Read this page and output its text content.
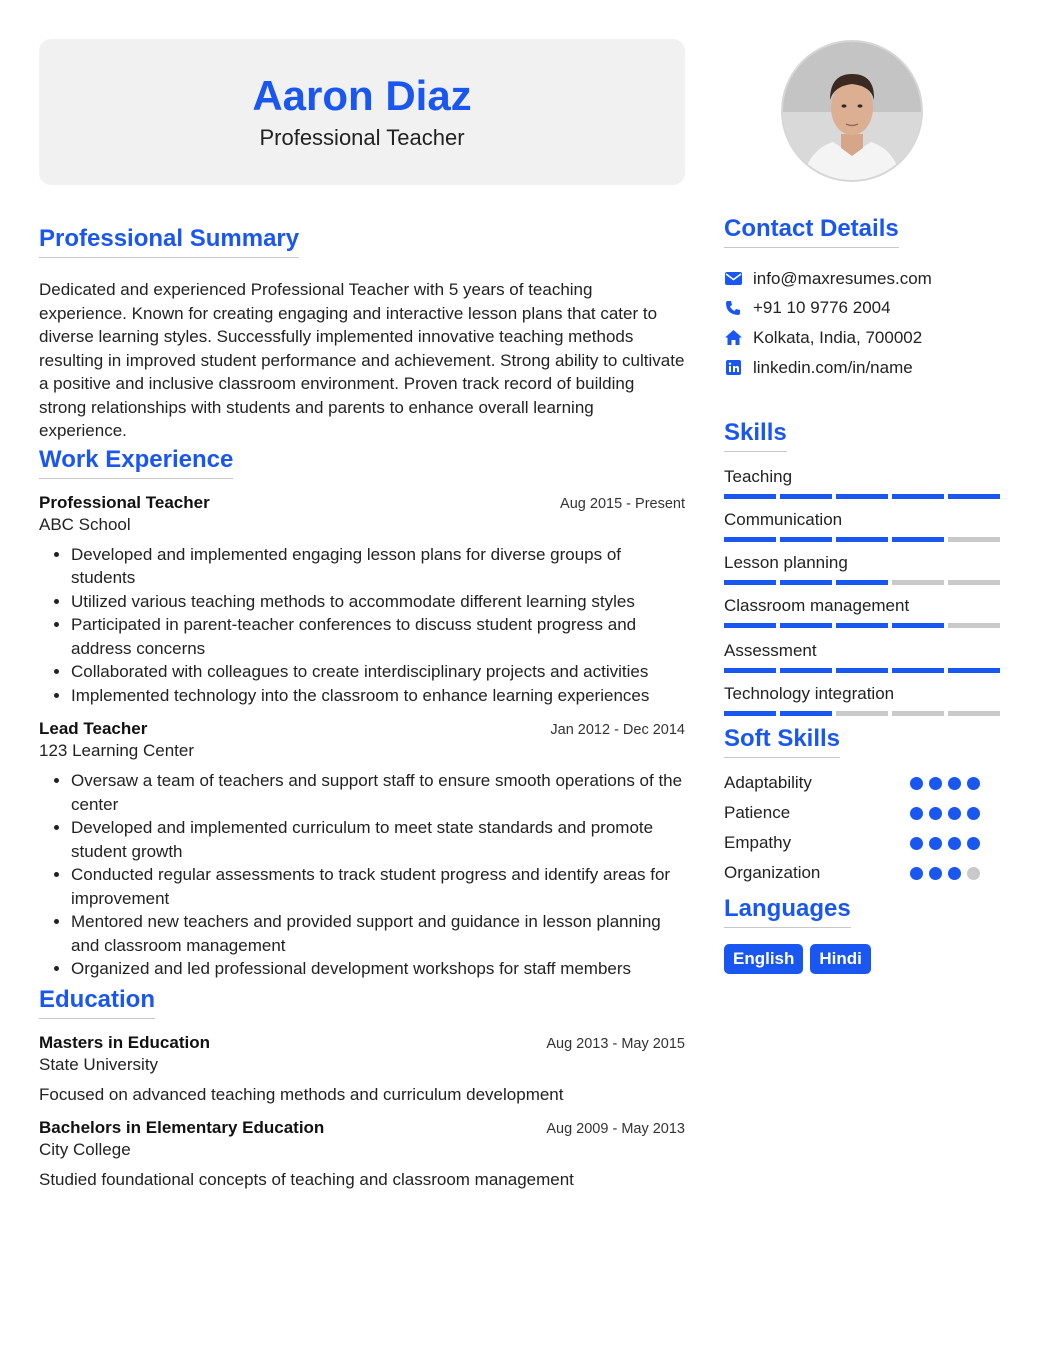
Aaron Diaz
Professional Teacher
Professional Summary

Dedicated and experienced Professional Teacher with 5 years of teaching experience. Known for creating engaging and interactive lesson plans that cater to diverse learning styles. Successfully implemented innovative teaching methods resulting in improved student performance and achievement. Strong ability to cultivate a positive and inclusive classroom environment. Proven track record of building strong relationships with students and parents to enhance overall learning experience.

Work Experience
Professional Teacher	Aug 2015 - Present
ABC School
• Developed and implemented engaging lesson plans for diverse groups of students
• Utilized various teaching methods to accommodate different learning styles
• Participated in parent-teacher conferences to discuss student progress and address concerns
• Collaborated with colleagues to create interdisciplinary projects and activities
• Implemented technology into the classroom to enhance learning experiences
Lead Teacher	Jan 2012 - Dec 2014
123 Learning Center
• Oversaw a team of teachers and support staff to ensure smooth operations of the center
• Developed and implemented curriculum to meet state standards and promote student growth
• Conducted regular assessments to track student progress and identify areas for improvement
• Mentored new teachers and provided support and guidance in lesson planning and classroom management
• Organized and led professional development workshops for staff members
Education
Masters in Education	Aug 2013 - May 2015
State University
Focused on advanced teaching methods and curriculum development
Bachelors in Elementary Education	Aug 2009 - May 2013
City College
Studied foundational concepts of teaching and classroom management
Contact Details
info@maxresumes.com
+91 10 9776 2004
Kolkata, India, 700002
linkedin.com/in/name
Skills
Teaching
Communication
Lesson planning
Classroom management
Assessment
Technology integration
Soft Skills
Adaptability
Patience
Empathy
Organization
Languages
English	Hindi
